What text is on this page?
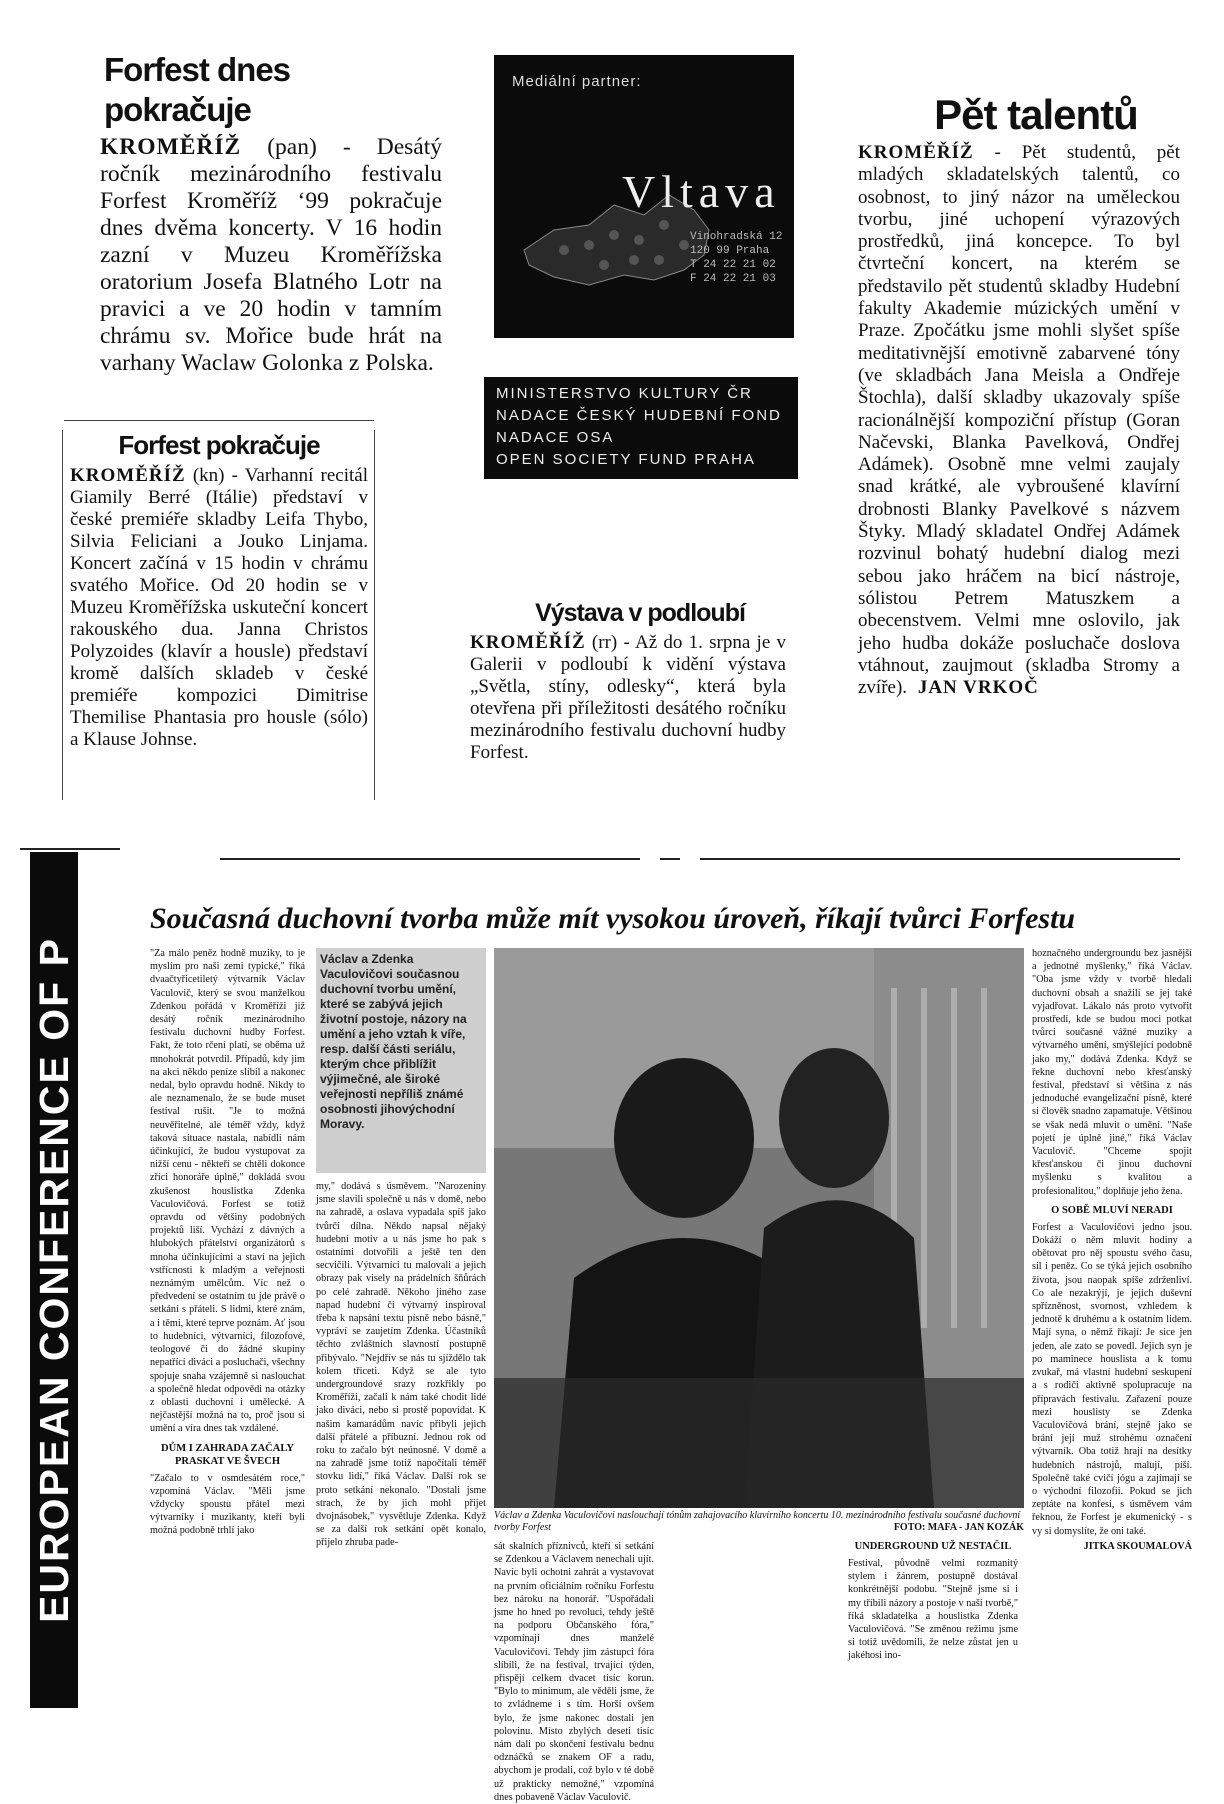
Forfest dnes pokračuje
KROMĚŘÍŽ (pan) - Desátý ročník mezinárodního festivalu Forfest Kroměříž ‘99 pokračuje dnes dvěma koncerty. V 16 hodin zazní v Muzeu Kroměřížska oratorium Josefa Blatného Lotr na pravici a ve 20 hodin v tamním chrámu sv. Mořice bude hrát na varhany Waclaw Golonka z Polska.
Forfest pokračuje
KROMĚŘÍŽ (kn) - Varhanní recitál Giamily Berré (Itálie) představí v české premiéře skladby Leifa Thybo, Silvia Feliciani a Jouko Linjama. Koncert začíná v 15 hodin v chrámu svatého Mořice. Od 20 hodin se v Muzeu Kroměřížska uskuteční koncert rakouského dua. Janna Christos Polyzoides (klavír a housle) představí kromě dalších skladeb v české premiéře kompozici Dimitrise Themilise Phantasia pro housle (sólo) a Klause Johnse.
Mediální partner:
Vltava
Vinohradská 12
120 99 Praha
T 24 22 21 02
F 24 22 21 03
MINISTERSTVO KULTURY ČR
NADACE ČESKÝ HUDEBNÍ FOND
NADACE OSA
OPEN SOCIETY FUND PRAHA
Výstava v podloubí
KROMĚŘÍŽ (rr) - Až do 1. srpna je v Galerii v podloubí k vidění výstava „Světla, stíny, odlesky“, která byla otevřena při příležitosti desátého ročníku mezinárodního festivalu duchovní hudby Forfest.
Pět talentů
KROMĚŘÍŽ - Pět studentů, pět mladých skladatelských talentů, co osobnost, to jiný názor na uměleckou tvorbu, jiné uchopení výrazových prostředků, jiná koncepce. To byl čtvrteční koncert, na kterém se představilo pět studentů skladby Hudební fakulty Akademie múzických umění v Praze. Zpočátku jsme mohli slyšet spíše meditativnější emotivně zabarvené tóny (ve skladbách Jana Meisla a Ondřeje Štochla), další skladby ukazovaly spíše racionálnější kompoziční přístup (Goran Načevski, Blanka Pavelková, Ondřej Adámek). Osobně mne velmi zaujaly snad krátké, ale vybroušené klavírní drobnosti Blanky Pavelkové s názvem Štyky. Mladý skladatel Ondřej Adámek rozvinul bohatý hudební dialog mezi sebou jako hráčem na bicí nástroje, sólistou Petrem Matuszkem a obecenstvem. Velmi mne oslovilo, jak jeho hudba dokáže posluchače doslova vtáhnout, zaujmout (skladba Stromy a zvíře). JAN VRKOČ
EUROPEAN CONFERENCE OF P
Současná duchovní tvorba může mít vysokou úroveň, říkají tvůrci Forfestu
"Za málo peněz hodně muziky, to je myslím pro naši zemi typické," říká dvaačtyřicetiletý výtvarník Václav Vaculovič, který se svou manželkou Zdenkou pořádá v Kroměříži již desátý ročník mezinárodního festivalu duchovní hudby Forfest. Fakt, že toto rčení platí, se oběma už mnohokrát potvrdil. Případů, kdy jim na akci někdo peníze slíbil a nakonec nedal, bylo opravdu hodně. Nikdy to ale neznamenalo, že se bude muset festival rušit. "Je to možná neuvěřitelné, ale téměř vždy, když taková situace nastala, nabídli nám účinkující, že budou vystupovat za nižší cenu - někteří se chtěli dokonce zříci honoráře úplně," dokládá svou zkušenost houslistka Zdenka Vaculovičová. Forfest se totiž opravdu od většiny podobných projektů liší. Vychází z dávných a hlubokých přátelství organizátorů s mnoha účinkujícími a staví na jejich vstřícnosti k mladým a veřejnosti neznámým umělcům. Víc než o předvedení se ostatním tu jde právě o setkání s přáteli. S lidmi, které znám, a i těmi, které teprve poznám. Ať jsou to hudebníci, výtvarníci, filozofové, teologové či do žádné skupiny nepatřící diváci a posluchači, všechny spojuje snaha vzájemně si naslouchat a společně hledat odpovědi na otázky z oblasti duchovní i umělecké. A nejčastější možná na to, proč jsou si umění a víra dnes tak vzdálené.
DŮM I ZAHRADA ZAČALY PRASKAT VE ŠVECH
"Začalo to v osmdesátém roce," vzpomíná Václav. "Měli jsme vždycky spoustu přátel mezi výtvarníky i muzikanty, kteří byli možná podobně trhlí jako
Václav a Zdenka Vaculovičovi současnou duchovní tvorbu umění, které se zabývá jejich životní postoje, názory na umění a jeho vztah k víře, resp. další části seriálu, kterým chce přiblížit výjimečné, ale široké veřejnosti nepříliš známé osobnosti jihovýchodní Moravy.
Václav a Zdenka Vaculovičovi naslouchají tónům zahajovacího klavírního koncertu 10. mezinárodního festivalu současné duchovní tvorby Forfest	FOTO: MAFA - JAN KOZÁK
my," dodává s úsměvem. "Narozeniny jsme slavili společně u nás v domě, nebo na zahradě, a oslava vypadala spíš jako tvůrčí dílna. Někdo napsal nějaký hudební motiv a u nás jsme ho pak s ostatními dotvořili a ještě ten den secvičili. Výtvarníci tu malovali a jejich obrazy pak visely na prádelních šňůrách po celé zahradě. Někoho jiného zase napad hudební či výtvarný inspiroval třeba k napsání textu písně nebo básně," vypráví se zaujetím Zdenka. Účastníků těchto zvláštních slavností postupně přibývalo. "Nejdřív se nás tu sjíždělo tak kolem třiceti. Když se ale tyto undergroundové srazy rozkřikly po Kroměříži, začali k nám také chodit lidé jako diváci, nebo si prostě popovídat. K našim kamarádům navíc přibyli jejich další přátelé a příbuzní. Jednou rok od roku to začalo být neúnosné. V domě a na zahradě jsme totiž napočítali téměř stovku lidí," říká Václav. Další rok se proto setkání nekonalo. "Dostali jsme strach, že by jich mohl přijet dvojnásobek," vysvětluje Zdenka. Když se za další rok setkání opět konalo, přijelo zhruba pade-	sát skalních příznivců, kteří si setkání se Zdenkou a Václavem nenechali ujít. Navíc byli ochotni zahrát a vystavovat na prvním oficiálním ročníku Forfestu bez nároku na honorář. "Uspořádali jsme ho hned po revoluci, tehdy ještě na podporu Občanského fóra," vzpomínají dnes manželé Vaculovičovi. Tehdy jim zástupci fóra slíbili, že na festival, trvající týden, přispějí celkem dvacet tisíc korun. "Bylo to minimum, ale věděli jsme, že to zvládneme i s tím. Horší ovšem bylo, že jsme nakonec dostali jen polovinu. Místo zbylých deseti tisíc nám dali po skončení festivalu bednu odznáčků se znakem OF a radu, abychom je prodali, což bylo v té době už prakticky nemožné," vzpomíná dnes pobaveně Václav Vaculovič.

UNDERGROUND UŽ NESTAČIL
Festival, původně velmi rozmanitý stylem i žánrem, postupně dostával konkrétnější podobu. "Stejně jsme si i my tříbili názory a postoje v naší tvorbě," říká skladatelka a houslistka Zdenka Vaculovičová. "Se změnou režimu jsme si totiž uvědomili, že nelze zůstat jen u jakéhosi ino-
hoznačného undergroundu bez jasnější a jednotné myšlenky," říká Václav. "Oba jsme vždy v tvorbě hledali duchovní obsah a snažili se jej také vyjadřovat. Lákalo nás proto vytvořit prostředí, kde se budou moci potkat tvůrci současné vážné muziky a výtvarného umění, smýšlející podobně jako my," dodává Zdenka. Když se řekne duchovní nebo křesťanský festival, představí si většina z nás jednoduché evangelizační písně, které si člověk snadno zapamatuje. Většinou se však nedá mluvit o umění. "Naše pojetí je úplně jiné," říká Václav Vaculovič. "Chceme spojit křesťanskou či jinou duchovní myšlenku s kvalitou a profesionalitou," doplňuje jeho žena.
O SOBĚ MLUVÍ NERADI
Forfest a Vaculovičovi jedno jsou. Dokáží o něm mluvit hodiny a obětovat pro něj spoustu svého času, sil i peněz. Co se týká jejich osobního života, jsou naopak spíše zdrženliví. Co ale nezakrýjí, je jejich duševní spřízněnost, svornost, vzhledem k jednotě k druhému a k ostatním lidem. Mají syna, o němž říkají: Je sice jen jeden, ale zato se povedl. Jejich syn je po maminece houslista a k tomu zvukař, má vlastní hudební seskupení a s rodiči aktivně spolupracuje na přípravách festivalu. Zařazení pouze mezi houslisty se Zdenka Vaculovičová brání, stejně jako se brání její muž strohému označení výtvarník. Oba totiž hrají na desítky hudebních nástrojů, malují, píší. Společně také cvičí jógu a zajímají se o východní filozofii. Pokud se jich zeptáte na konfesi, s úsměvem vám řeknou, že Forfest je ekumenický - s vy si domyslíte, že oni také.
JITKA SKOUMALOVÁ
